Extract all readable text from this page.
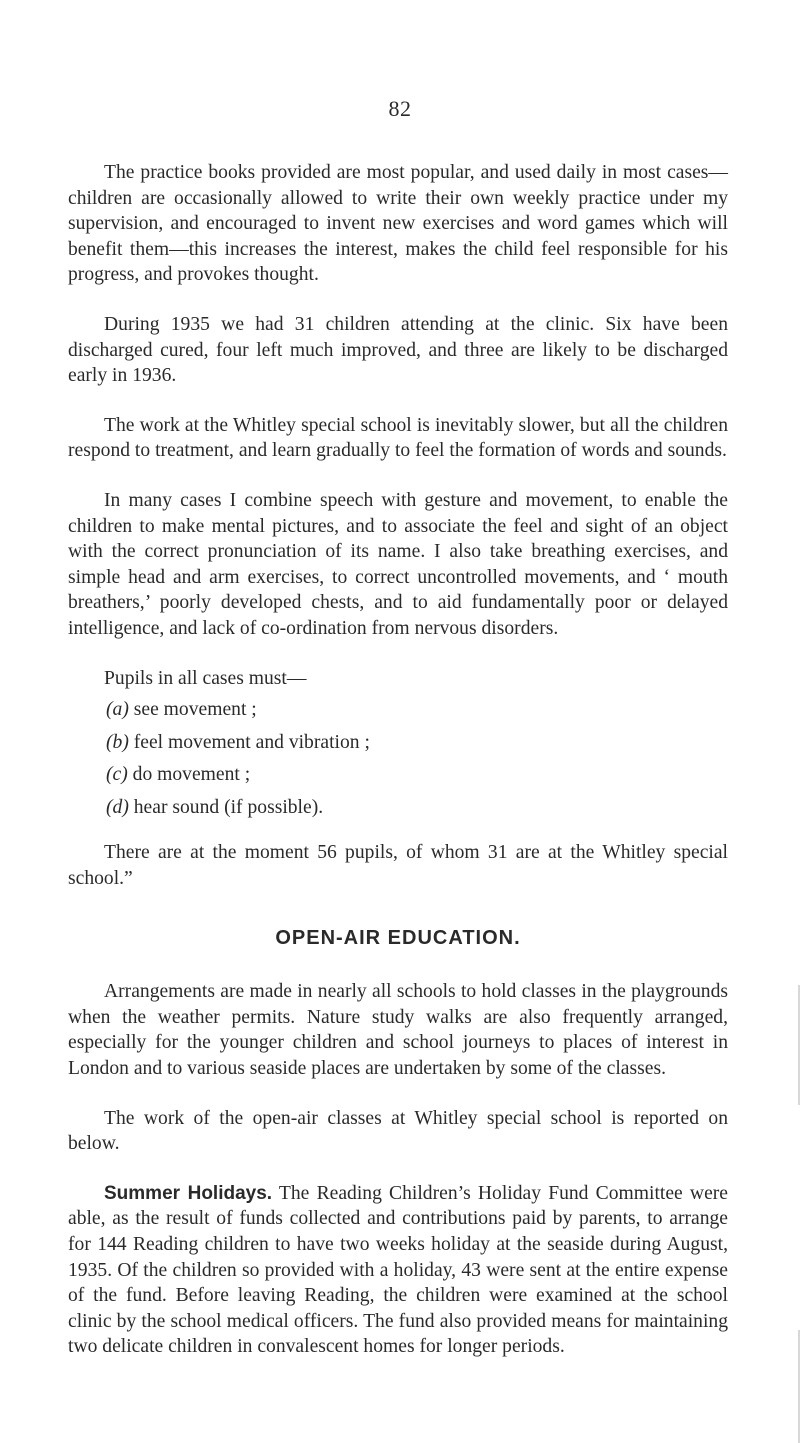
82

The practice books provided are most popular, and used daily in most cases—children are occasionally allowed to write their own weekly practice under my supervision, and encouraged to invent new exercises and word games which will benefit them—this increases the interest, makes the child feel responsible for his progress, and provokes thought.

During 1935 we had 31 children attending at the clinic. Six have been discharged cured, four left much improved, and three are likely to be discharged early in 1936.

The work at the Whitley special school is inevitably slower, but all the children respond to treatment, and learn gradually to feel the formation of words and sounds.

In many cases I combine speech with gesture and movement, to enable the children to make mental pictures, and to associate the feel and sight of an object with the correct pronunciation of its name. I also take breathing exercises, and simple head and arm exercises, to correct uncontrolled movements, and ‘ mouth breathers,’ poorly developed chests, and to aid fundamentally poor or delayed intelligence, and lack of co-ordination from nervous disorders.

Pupils in all cases must—

(a) see movement ;
(b) feel movement and vibration ;
(c) do movement ;
(d) hear sound (if possible).

There are at the moment 56 pupils, of whom 31 are at the Whitley special school.”

OPEN-AIR EDUCATION.

Arrangements are made in nearly all schools to hold classes in the playgrounds when the weather permits. Nature study walks are also frequently arranged, especially for the younger children and school journeys to places of interest in London and to various seaside places are undertaken by some of the classes.

The work of the open-air classes at Whitley special school is reported on below.

Summer Holidays. The Reading Children’s Holiday Fund Committee were able, as the result of funds collected and contributions paid by parents, to arrange for 144 Reading children to have two weeks holiday at the seaside during August, 1935. Of the children so provided with a holiday, 43 were sent at the entire expense of the fund. Before leaving Reading, the children were examined at the school clinic by the school medical officers. The fund also provided means for maintaining two delicate children in convalescent homes for longer periods.
